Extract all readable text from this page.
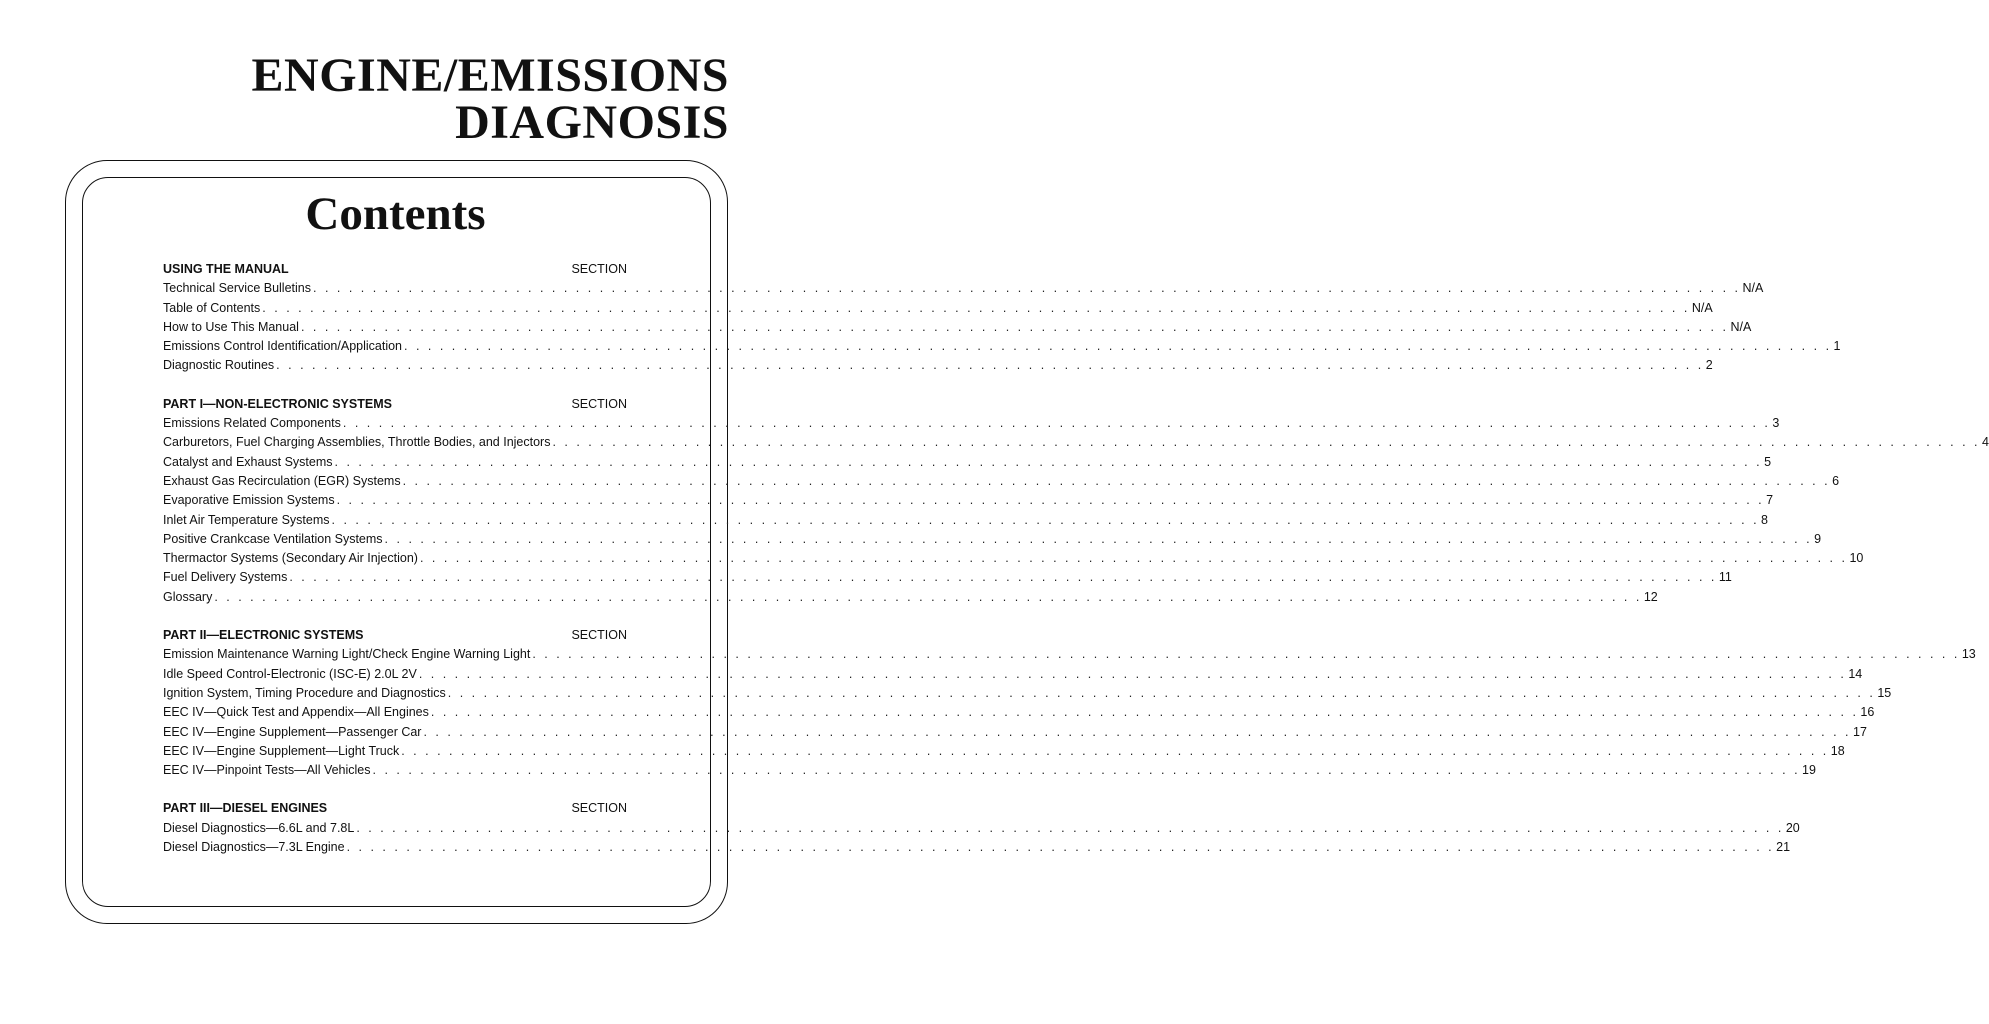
ENGINE/EMISSIONS
DIAGNOSIS
Contents
USING THE MANUAL	SECTION
Technical Service Bulletins . . . . . . . . . . . . . . . . . . . . . . . . . . . . . . . . . . . . . . . . . . . . . . . . . . . . . . . . . . . . . . . . . . . . . . . . . . . . . . . . . . . . . . . . . . . . . . . . . . . . . . . . . . . . . . . . . . . . . . . . N/A
Table of Contents . . . . . . . . . . . . . . . . . . . . . . . . . . . . . . . . . . . . . . . . . . . . . . . . . . . . . . . . . . . . . . . . . . . . . . . . . . . . . . . . . . . . . . . . . . . . . . . . . . . . . . . . . . . . . . . . . . . . . . . . N/A
How to Use This Manual . . . . . . . . . . . . . . . . . . . . . . . . . . . . . . . . . . . . . . . . . . . . . . . . . . . . . . . . . . . . . . . . . . . . . . . . . . . . . . . . . . . . . . . . . . . . . . . . . . . . . . . . . . . . . . . . . . . . . . . . N/A
Emissions Control Identification/Application . . . . . . . . . . . . . . . . . . . . . . . . . . . . . . . . . . . . . . . . . . . . . . . . . . . . . . . . . . . . . . . . . . . . . . . . . . . . . . . . . . . . . . . . . . . . . . . . . . . . . . . . . . . . . . . . . . . . . . . . 1
Diagnostic Routines . . . . . . . . . . . . . . . . . . . . . . . . . . . . . . . . . . . . . . . . . . . . . . . . . . . . . . . . . . . . . . . . . . . . . . . . . . . . . . . . . . . . . . . . . . . . . . . . . . . . . . . . . . . . . . . . . . . . . . . . 2
PART I—NON-ELECTRONIC SYSTEMS	SECTION
Emissions Related Components . . . . . . . . . . . . . . . . . . . . . . . . . . . . . . . . . . . . . . . . . . . . . . . . . . . . . . . . . . . . . . . . . . . . . . . . . . . . . . . . . . . . . . . . . . . . . . . . . . . . . . . . . . . . . . . . . . . . . . . . 3
Carburetors, Fuel Charging Assemblies, Throttle Bodies, and Injectors . . . . . . . . . . . . . . . . . . . . . . . . . . . . . . . . . . . . . . . . . . . . . . . . . . . . . . . . . . . . . . . . . . . . . . . . . . . . . . . . . . . . . . . . . . . . . . . . . . . . . . . . . . . . . . . . . . . . . . . . 4
Catalyst and Exhaust Systems . . . . . . . . . . . . . . . . . . . . . . . . . . . . . . . . . . . . . . . . . . . . . . . . . . . . . . . . . . . . . . . . . . . . . . . . . . . . . . . . . . . . . . . . . . . . . . . . . . . . . . . . . . . . . . . . . . . . . . . . 5
Exhaust Gas Recirculation (EGR) Systems . . . . . . . . . . . . . . . . . . . . . . . . . . . . . . . . . . . . . . . . . . . . . . . . . . . . . . . . . . . . . . . . . . . . . . . . . . . . . . . . . . . . . . . . . . . . . . . . . . . . . . . . . . . . . . . . . . . . . . . . 6
Evaporative Emission Systems . . . . . . . . . . . . . . . . . . . . . . . . . . . . . . . . . . . . . . . . . . . . . . . . . . . . . . . . . . . . . . . . . . . . . . . . . . . . . . . . . . . . . . . . . . . . . . . . . . . . . . . . . . . . . . . . . . . . . . . . 7
Inlet Air Temperature Systems . . . . . . . . . . . . . . . . . . . . . . . . . . . . . . . . . . . . . . . . . . . . . . . . . . . . . . . . . . . . . . . . . . . . . . . . . . . . . . . . . . . . . . . . . . . . . . . . . . . . . . . . . . . . . . . . . . . . . . . . 8
Positive Crankcase Ventilation Systems . . . . . . . . . . . . . . . . . . . . . . . . . . . . . . . . . . . . . . . . . . . . . . . . . . . . . . . . . . . . . . . . . . . . . . . . . . . . . . . . . . . . . . . . . . . . . . . . . . . . . . . . . . . . . . . . . . . . . . . . 9
Thermactor Systems (Secondary Air Injection) . . . . . . . . . . . . . . . . . . . . . . . . . . . . . . . . . . . . . . . . . . . . . . . . . . . . . . . . . . . . . . . . . . . . . . . . . . . . . . . . . . . . . . . . . . . . . . . . . . . . . . . . . . . . . . . . . . . . . . . . 10
Fuel Delivery Systems . . . . . . . . . . . . . . . . . . . . . . . . . . . . . . . . . . . . . . . . . . . . . . . . . . . . . . . . . . . . . . . . . . . . . . . . . . . . . . . . . . . . . . . . . . . . . . . . . . . . . . . . . . . . . . . . . . . . . . . . 11
Glossary . . . . . . . . . . . . . . . . . . . . . . . . . . . . . . . . . . . . . . . . . . . . . . . . . . . . . . . . . . . . . . . . . . . . . . . . . . . . . . . . . . . . . . . . . . . . . . . . . . . . . . . . . . . . . . . . . . . . . . . . 12
PART II—ELECTRONIC SYSTEMS	SECTION
Emission Maintenance Warning Light/Check Engine Warning Light . . . . . . . . . . . . . . . . . . . . . . . . . . . . . . . . . . . . . . . . . . . . . . . . . . . . . . . . . . . . . . . . . . . . . . . . . . . . . . . . . . . . . . . . . . . . . . . . . . . . . . . . . . . . . . . . . . . . . . . . 13
Idle Speed Control-Electronic (ISC-E) 2.0L 2V . . . . . . . . . . . . . . . . . . . . . . . . . . . . . . . . . . . . . . . . . . . . . . . . . . . . . . . . . . . . . . . . . . . . . . . . . . . . . . . . . . . . . . . . . . . . . . . . . . . . . . . . . . . . . . . . . . . . . . . . 14
Ignition System, Timing Procedure and Diagnostics . . . . . . . . . . . . . . . . . . . . . . . . . . . . . . . . . . . . . . . . . . . . . . . . . . . . . . . . . . . . . . . . . . . . . . . . . . . . . . . . . . . . . . . . . . . . . . . . . . . . . . . . . . . . . . . . . . . . . . . . 15
EEC IV—Quick Test and Appendix—All Engines . . . . . . . . . . . . . . . . . . . . . . . . . . . . . . . . . . . . . . . . . . . . . . . . . . . . . . . . . . . . . . . . . . . . . . . . . . . . . . . . . . . . . . . . . . . . . . . . . . . . . . . . . . . . . . . . . . . . . . . . 16
EEC IV—Engine Supplement—Passenger Car . . . . . . . . . . . . . . . . . . . . . . . . . . . . . . . . . . . . . . . . . . . . . . . . . . . . . . . . . . . . . . . . . . . . . . . . . . . . . . . . . . . . . . . . . . . . . . . . . . . . . . . . . . . . . . . . . . . . . . . . 17
EEC IV—Engine Supplement—Light Truck . . . . . . . . . . . . . . . . . . . . . . . . . . . . . . . . . . . . . . . . . . . . . . . . . . . . . . . . . . . . . . . . . . . . . . . . . . . . . . . . . . . . . . . . . . . . . . . . . . . . . . . . . . . . . . . . . . . . . . . . 18
EEC IV—Pinpoint Tests—All Vehicles . . . . . . . . . . . . . . . . . . . . . . . . . . . . . . . . . . . . . . . . . . . . . . . . . . . . . . . . . . . . . . . . . . . . . . . . . . . . . . . . . . . . . . . . . . . . . . . . . . . . . . . . . . . . . . . . . . . . . . . . 19
PART III—DIESEL ENGINES	SECTION
Diesel Diagnostics—6.6L and 7.8L . . . . . . . . . . . . . . . . . . . . . . . . . . . . . . . . . . . . . . . . . . . . . . . . . . . . . . . . . . . . . . . . . . . . . . . . . . . . . . . . . . . . . . . . . . . . . . . . . . . . . . . . . . . . . . . . . . . . . . . . 20
Diesel Diagnostics—7.3L Engine . . . . . . . . . . . . . . . . . . . . . . . . . . . . . . . . . . . . . . . . . . . . . . . . . . . . . . . . . . . . . . . . . . . . . . . . . . . . . . . . . . . . . . . . . . . . . . . . . . . . . . . . . . . . . . . . . . . . . . . . 21
